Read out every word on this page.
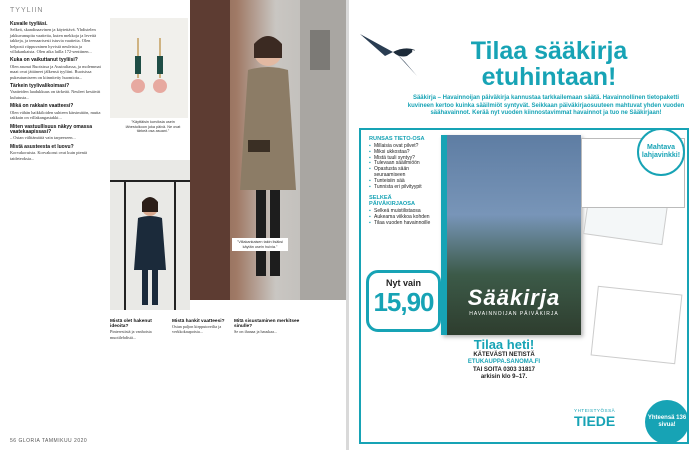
TYYLIIN
Kuvaile tyyliäsi.

Selkeä, skandinaavinen ja käytettävä. Yhdistelen jakkuvanupita vaatteita, kuten mekkoja ja leveitä takkeja, ja teenaarisesti istuvia vaatteita. Olen helposti riippuvainen hyvistä neuleista ja villakankaista. Olen aika lailla 172-senttinen...

Kuka on vaikuttanut tyyliisi?

Olen asunut Ruotsissa ja Australiassa, ja molemmat maat ovat jättäneet jälkensä tyyliini. Ruotsissa pukeutumiseen on kiinnitetty huomiota...

Tärkein tyylivalikoimasi?

Vaatteiden laadukkuus on tärkeää. Neuleet kestävät kulutusta...

Mikä on rakkain vaatteesi?

Olen vähän haikkiloiden suhteen kärsimätön, mutta rakkain on villakangastakki...

Miten vastuullisuus näkyy omassa vaatekaapissasi?

– Ostan välttämättä vain tarpeeseen...

Mistä asusteesta et luovu?

Korvakoruista. Korvakorut ovat kuin pieniä taideteoksia...

"Käyttäisin korviksia usein lähestulkoon joka päivä. Ne ovat tärkeä osa asuani."
"Villakankaisen takin lisäksi käytän usein huivia."
Mistä olet hakenut ideoita?

Pinterestistä ja vanhoista muotilehdistä...

Mistä hankit vaatteesi?

Ostan paljon kirpputoreilta ja verkkokaupoista...

Mitä sisustaminen merkitsee sinulle?

Se on ihanaa ja hauskaa...

56 GLORIA TAMMIKUU 2020
Tilaa sääkirja
etuhintaan!
Sääkirja – Havainnoijan päiväkirja kannustaa tarkkailemaan säätä. Havainnollinen tietopaketti kuvineen kertoo kuinka sääilmiöt syntyvät. Seikkaan päiväkirjaosuuteen mahtuvat yhden vuoden säähavainnot. Kerää nyt vuoden kiinnostavimmat havainnot ja tuo ne Sääkirjaan!
RUNSAS TIETO-OSA
▪ Millaisia ovat pilvet?
▪ Miksi ukkostaa?
▪ Mistä tuuli syntyy?
▪ Tulevaan sääilmiöön
▪ Opastusta sään seuraamiseen
▪ Tunteisiin sää
▪ Tunnista eri pilvityypit
SELKEÄ PÄIVÄKIRJAOSA
▪ Selkeä muistilistaosa
▪ Aukeama viikkoa kohden
▪ Tilaa vuoden havainnoille
Sääkirja
HAVAINNOIJAN PÄIVÄKIRJA
Mahtava lahjavinkki!
Nyt vain
15,90
Tilaa heti!
KÄTEVÄSTI NETISTÄ
ETUKAUPPA.SANOMA.FI
TAI SOITA 0303 31817
arkisin klo 9–17.
Yhteensä 136 sivua!
YHTEISTYÖSSÄ
TIEDE
